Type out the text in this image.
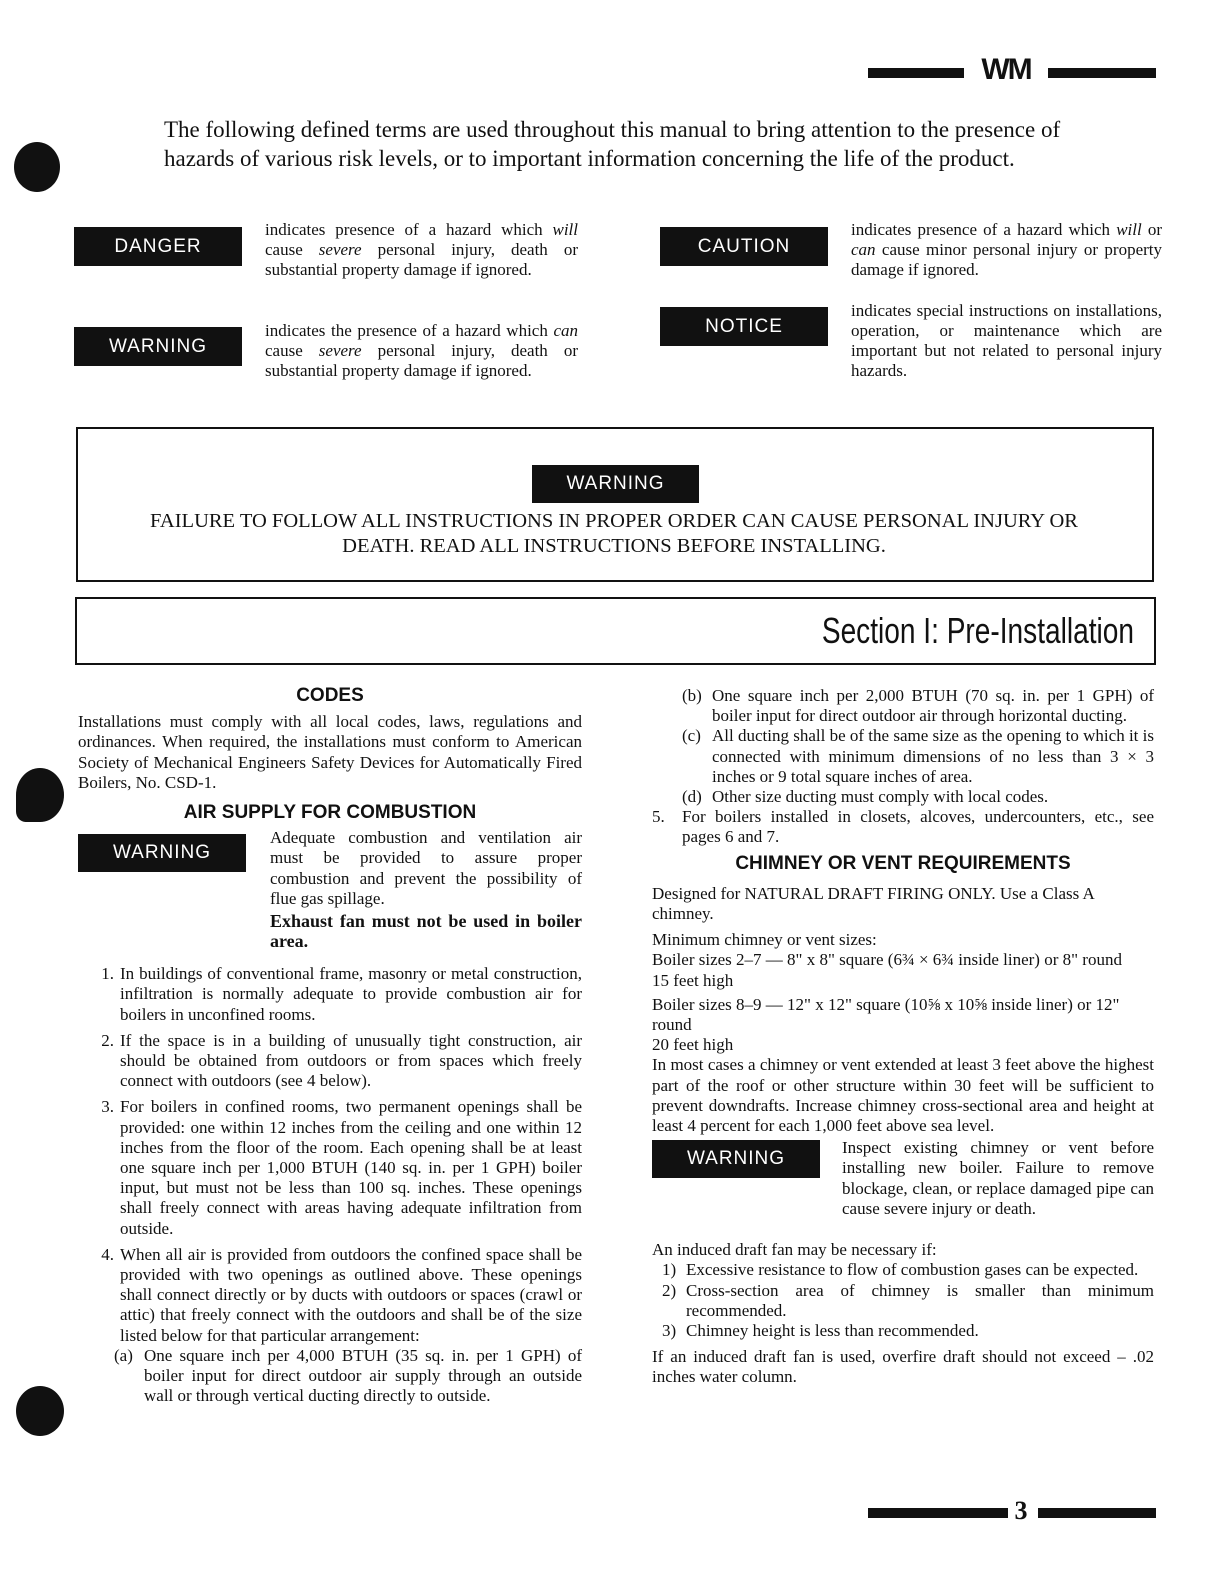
WM
The following defined terms are used throughout this manual to bring attention to the presence of hazards of various risk levels, or to important information concerning the life of the product.
DANGER
indicates presence of a hazard which will cause severe personal injury, death or substantial property damage if ignored.
WARNING
indicates the presence of a hazard which can cause severe personal injury, death or substantial property damage if ignored.
CAUTION
indicates presence of a hazard which will or can cause minor personal injury or property damage if ignored.
NOTICE
indicates special instructions on installations, operation, or maintenance which are important but not related to personal injury hazards.
WARNING
FAILURE TO FOLLOW ALL INSTRUCTIONS IN PROPER ORDER CAN CAUSE PERSONAL INJURY OR
DEATH. READ ALL INSTRUCTIONS BEFORE INSTALLING.
Section I: Pre-Installation
CODES

Installations must comply with all local codes, laws, regulations and ordinances. When required, the installations must conform to American Society of Mechanical Engineers Safety Devices for Automatically Fired Boilers, No. CSD-1.

AIR SUPPLY FOR COMBUSTION
WARNING
Adequate combustion and ventilation air must be provided to assure proper combustion and prevent the possibility of flue gas spillage.
Exhaust fan must not be used in boiler area.
1. In buildings of conventional frame, masonry or metal construction, infiltration is normally adequate to provide combustion air for boilers in unconfined rooms.
2. If the space is in a building of unusually tight construction, air should be obtained from outdoors or from spaces which freely connect with outdoors (see 4 below).
3. For boilers in confined rooms, two permanent openings shall be provided: one within 12 inches from the ceiling and one within 12 inches from the floor of the room. Each opening shall be at least one square inch per 1,000 BTUH (140 sq. in. per 1 GPH) boiler input, but must not be less than 100 sq. inches. These openings shall freely connect with areas having adequate infiltration from outside.
4. When all air is provided from outdoors the confined space shall be provided with two openings as outlined above. These openings shall connect directly or by ducts with outdoors or spaces (crawl or attic) that freely connect with the outdoors and shall be of the size listed below for that particular arrangement:
(a) One square inch per 4,000 BTUH (35 sq. in. per 1 GPH) of boiler input for direct outdoor air supply through an outside wall or through vertical ducting directly to outside.
(b) One square inch per 2,000 BTUH (70 sq. in. per 1 GPH) of boiler input for direct outdoor air through horizontal ducting.
(c) All ducting shall be of the same size as the opening to which it is connected with minimum dimensions of no less than 3 × 3 inches or 9 total square inches of area.
(d) Other size ducting must comply with local codes.
5.	For boilers installed in closets, alcoves, undercounters, etc., see pages 6 and 7.
CHIMNEY OR VENT REQUIREMENTS

Designed for NATURAL DRAFT FIRING ONLY. Use a Class A chimney.

Minimum chimney or vent sizes:

Boiler sizes 2–7 — 8" x 8" square (6¾ × 6¾ inside liner) or 8" round

15 feet high

Boiler sizes 8–9 — 12" x 12" square (10⅝ x 10⅝ inside liner) or 12" round

20 feet high

In most cases a chimney or vent extended at least 3 feet above the highest part of the roof or other structure within 30 feet will be sufficient to prevent downdrafts. Increase chimney cross-sectional area and height at least 4 percent for each 1,000 feet above sea level.

WARNING
Inspect existing chimney or vent before installing new boiler. Failure to remove blockage, clean, or replace damaged pipe can cause severe injury or death.

An induced draft fan may be necessary if:

1) Excessive resistance to flow of combustion gases can be expected.
2) Cross-section area of chimney is smaller than minimum recommended.
3) Chimney height is less than recommended.

If an induced draft fan is used, overfire draft should not exceed – .02 inches water column.

3
